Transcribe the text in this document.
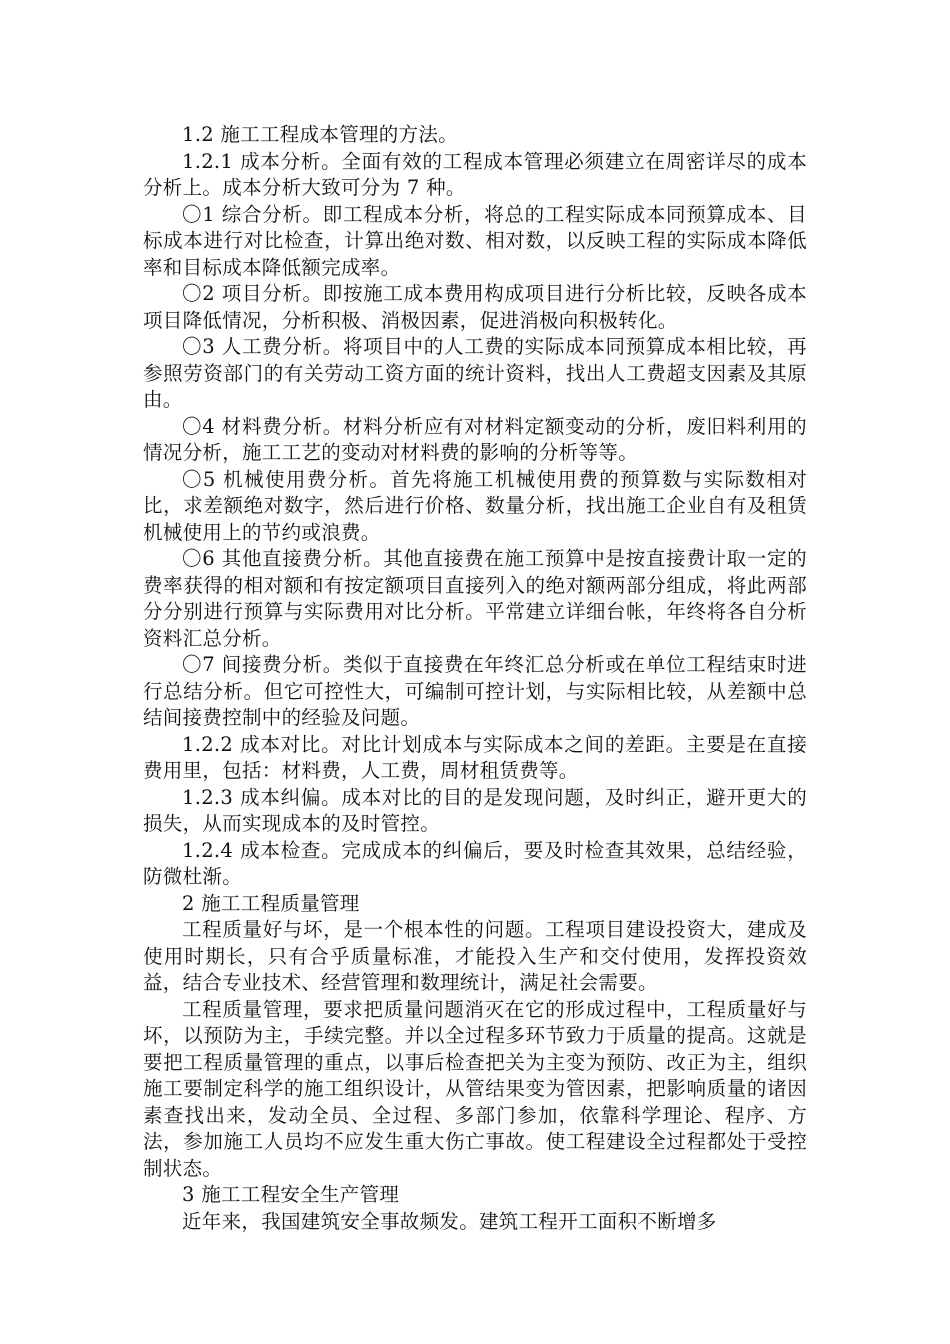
1.2 施工工程成本管理的方法。

1.2.1 成本分析。全面有效的工程成本管理必须建立在周密详尽的成本分析上。成本分析大致可分为 7 种。

〇1 综合分析。即工程成本分析，将总的工程实际成本同预算成本、目标成本进行对比检查，计算出绝对数、相对数，以反映工程的实际成本降低率和目标成本降低额完成率。

〇2 项目分析。即按施工成本费用构成项目进行分析比较，反映各成本项目降低情况，分析积极、消极因素，促进消极向积极转化。

〇3 人工费分析。将项目中的人工费的实际成本同预算成本相比较，再参照劳资部门的有关劳动工资方面的统计资料，找出人工费超支因素及其原由。

〇4 材料费分析。材料分析应有对材料定额变动的分析，废旧料利用的情况分析，施工工艺的变动对材料费的影响的分析等等。

〇5 机械使用费分析。首先将施工机械使用费的预算数与实际数相对比，求差额绝对数字，然后进行价格、数量分析，找出施工企业自有及租赁机械使用上的节约或浪费。

〇6 其他直接费分析。其他直接费在施工预算中是按直接费计取一定的费率获得的相对额和有按定额项目直接列入的绝对额两部分组成，将此两部分分别进行预算与实际费用对比分析。平常建立详细台帐，年终将各自分析资料汇总分析。

〇7 间接费分析。类似于直接费在年终汇总分析或在单位工程结束时进行总结分析。但它可控性大，可编制可控计划，与实际相比较，从差额中总结间接费控制中的经验及问题。

1.2.2 成本对比。对比计划成本与实际成本之间的差距。主要是在直接费用里，包括：材料费，人工费，周材租赁费等。

1.2.3 成本纠偏。成本对比的目的是发现问题，及时纠正，避开更大的损失，从而实现成本的及时管控。

1.2.4 成本检查。完成成本的纠偏后，要及时检查其效果，总结经验，防微杜渐。

2 施工工程质量管理

工程质量好与坏，是一个根本性的问题。工程项目建设投资大，建成及使用时期长，只有合乎质量标准，才能投入生产和交付使用，发挥投资效益，结合专业技术、经营管理和数理统计，满足社会需要。

工程质量管理，要求把质量问题消灭在它的形成过程中，工程质量好与坏，以预防为主，手续完整。并以全过程多环节致力于质量的提高。这就是要把工程质量管理的重点，以事后检查把关为主变为预防、改正为主，组织施工要制定科学的施工组织设计，从管结果变为管因素，把影响质量的诸因素查找出来，发动全员、全过程、多部门参加，依靠科学理论、程序、方法，参加施工人员均不应发生重大伤亡事故。使工程建设全过程都处于受控制状态。

3 施工工程安全生产管理

近年来，我国建筑安全事故频发。建筑工程开工面积不断增多
